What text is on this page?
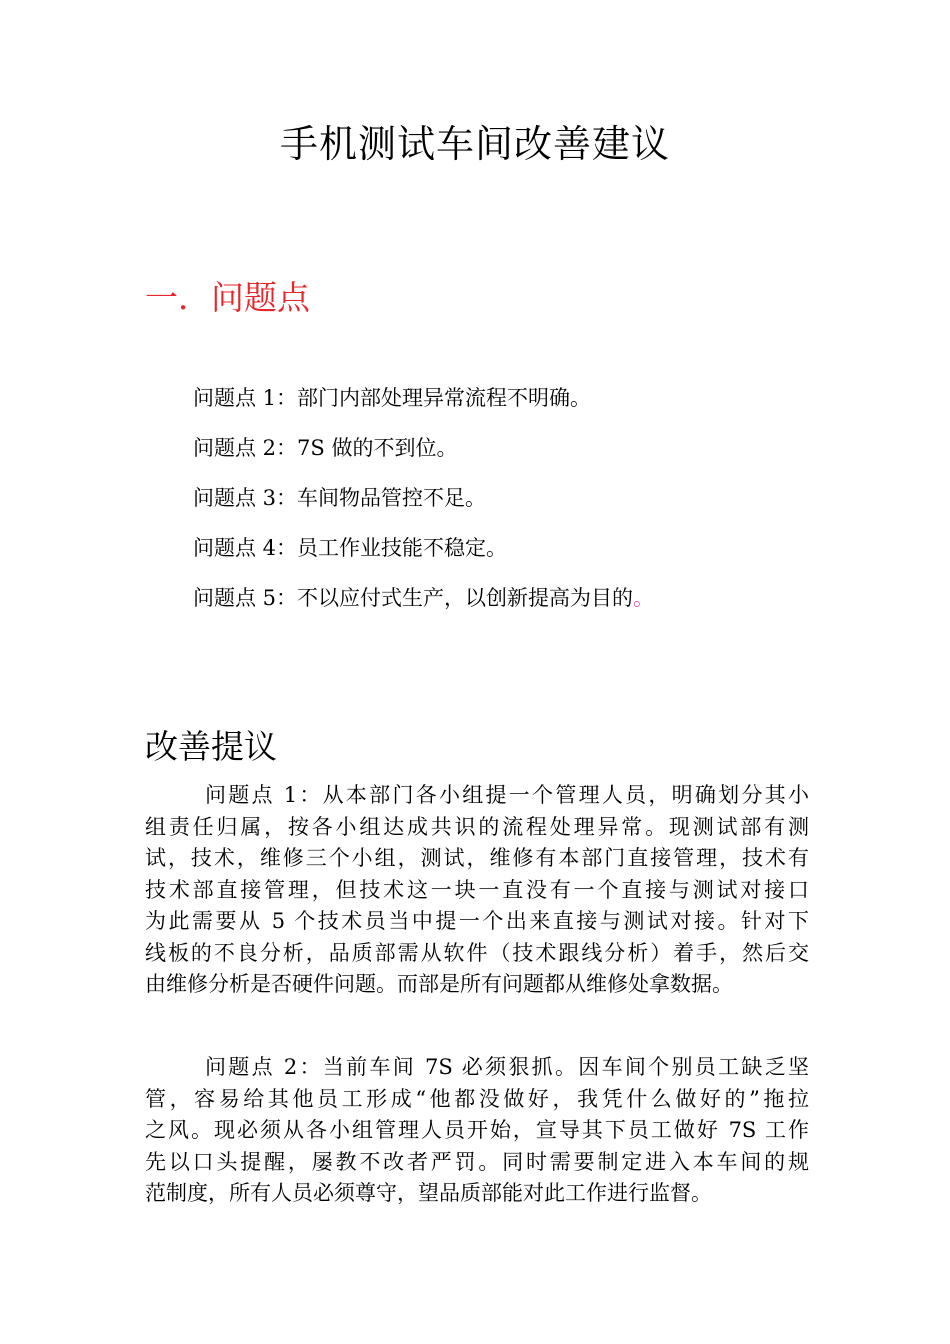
手机测试车间改善建议
一．问题点
问题点 1：部门内部处理异常流程不明确。
问题点 2：7S 做的不到位。
问题点 3：车间物品管控不足。
问题点 4：员工作业技能不稳定。
问题点 5：不以应付式生产，以创新提高为目的。
改善提议

问题点 1：从本部门各小组提一个管理人员，明确划分其小
组责任归属，按各小组达成共识的流程处理异常。现测试部有测
试，技术，维修三个小组，测试，维修有本部门直接管理，技术有
技术部直接管理，但技术这一块一直没有一个直接与测试对接口
为此需要从 5 个技术员当中提一个出来直接与测试对接。针对下
线板的不良分析，品质部需从软件（技术跟线分析）着手，然后交
由维修分析是否硬件问题。而部是所有问题都从维修处拿数据。

问题点 2：当前车间 7S 必须狠抓。因车间个别员工缺乏坚
管，容易给其他员工形成“他都没做好，我凭什么做好的”拖拉
之风。现必须从各小组管理人员开始，宣导其下员工做好 7S 工作
先以口头提醒，屡教不改者严罚。同时需要制定进入本车间的规
范制度，所有人员必须尊守，望品质部能对此工作进行监督。
